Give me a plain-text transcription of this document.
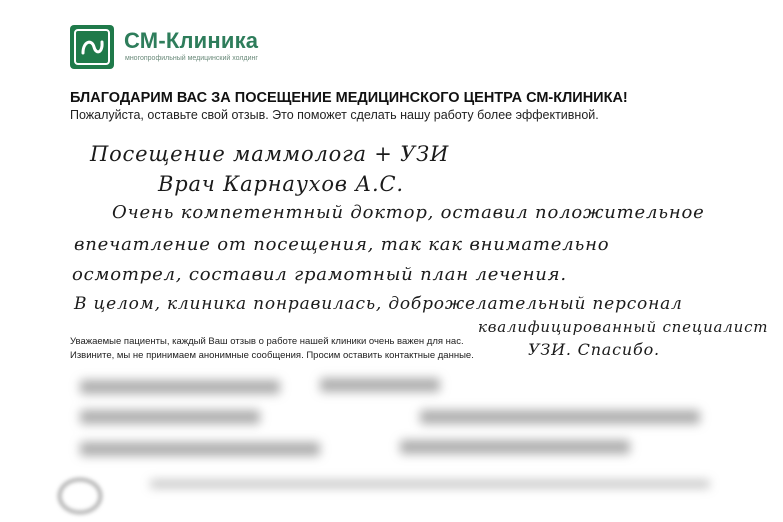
СМ-Клиника
многопрофильный медицинский холдинг
БЛАГОДАРИМ ВАС ЗА ПОСЕЩЕНИЕ МЕДИЦИНСКОГО ЦЕНТРА СМ-КЛИНИКА!
Пожалуйста, оставьте свой отзыв. Это поможет сделать нашу работу более эффективной.
Посещение маммолога + УЗИ
Врач Карнаухов А.С.
Очень компетентный доктор, оставил положительное
впечатление от посещения, так как внимательно
осмотрел, составил грамотный план лечения.
В целом, клиника понравилась, доброжелательный персонал
квалифицированный специалист
УЗИ. Спасибо.
Уважаемые пациенты, каждый Ваш отзыв о работе нашей клиники очень важен для нас.
Извините, мы не принимаем анонимные сообщения. Просим оставить контактные данные.
